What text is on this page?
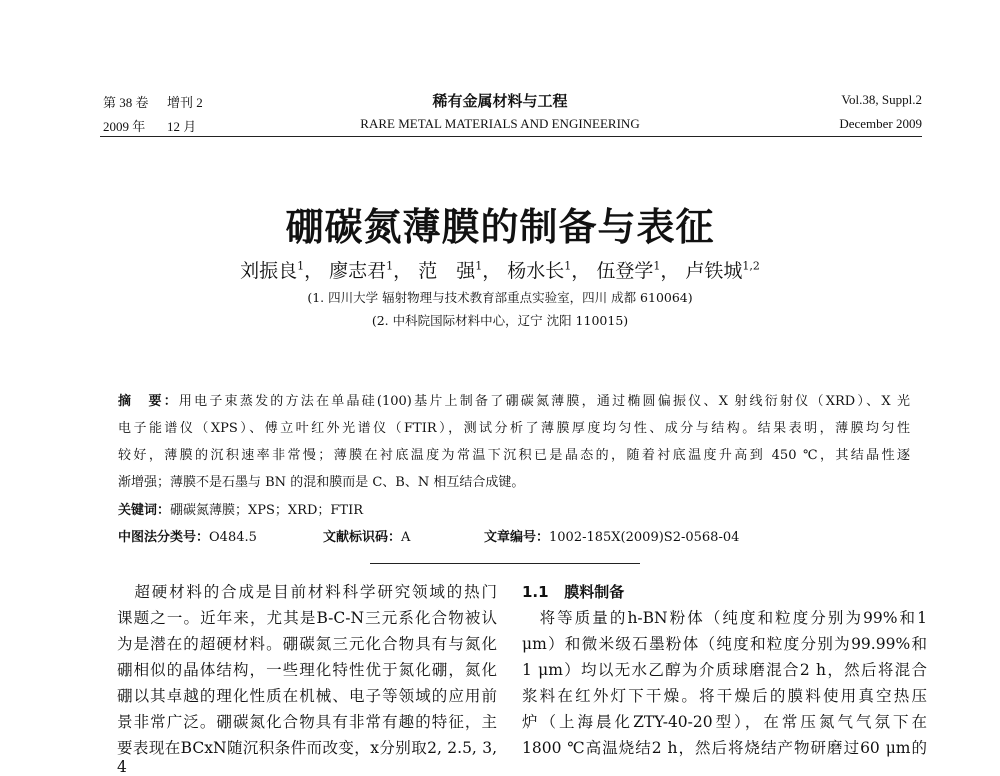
第 38 卷 增刊 2
2009 年 12 月
稀有金属材料与工程
RARE METAL MATERIALS AND ENGINEERING
Vol.38, Suppl.2
December 2009
硼碳氮薄膜的制备与表征
刘振良$^1$， 廖志君$^1$， 范　强$^1$， 杨水长$^1$， 伍登学$^1$， 卢铁城$^{1,2}$
(1. 四川大学 辐射物理与技术教育部重点实验室，四川 成都 610064)
(2. 中科院国际材料中心，辽宁 沈阳 110015)
摘　要：用电子束蒸发的方法在单晶硅(100)基片上制备了硼碳氮薄膜，通过椭圆偏振仪、X 射线衍射仪（XRD）、X 光
电子能谱仪（XPS）、傅立叶红外光谱仪（FTIR），测试分析了薄膜厚度均匀性、成分与结构。结果表明，薄膜均匀性
较好，薄膜的沉积速率非常慢；薄膜在衬底温度为常温下沉积已是晶态的，随着衬底温度升高到 450 ℃，其结晶性逐
渐增强；薄膜不是石墨与 BN 的混和膜而是 C、B、N 相互结合成键。
关键词：硼碳氮薄膜；XPS；XRD；FTIR
中图法分类号：O484.5	文献标识码：A	文章编号：1002-185X(2009)S2-0568-04
　超硬材料的合成是目前材料科学研究领域的热门
课题之一。近年来，尤其是B-C-N三元系化合物被认
为是潜在的超硬材料。硼碳氮三元化合物具有与氮化
硼相似的晶体结构，一些理化特性优于氮化硼，氮化
硼以其卓越的理化性质在机械、电子等领域的应用前
景非常广泛。硼碳氮化合物具有非常有趣的特征，主
要表现在BCxN随沉积条件而改变，x分别取2, 2.5, 3, 4
1.1 膜料制备
　将等质量的h-BN粉体（纯度和粒度分别为99%和1
μm）和微米级石墨粉体（纯度和粒度分别为99.99%和
1 μm）均以无水乙醇为介质球磨混合2 h，然后将混合
浆料在红外灯下干燥。将干燥后的膜料使用真空热压
炉（上海晨化ZTY-40-20型），在常压氮气气氛下在
1800 ℃高温烧结2 h，然后将烧结产物研磨过60 μm的
